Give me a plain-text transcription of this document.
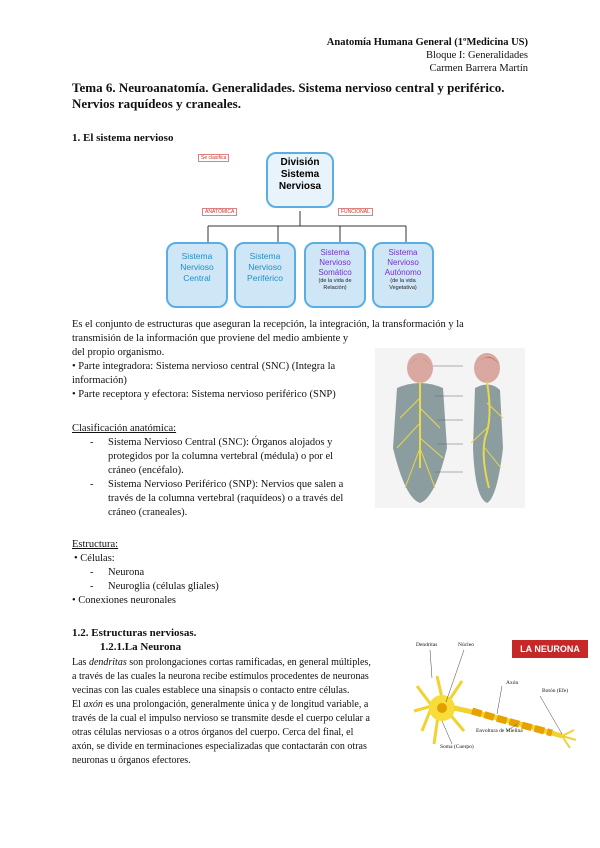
Anatomía Humana General (1ºMedicina US)
Bloque I: Generalidades
Carmen Barrera Martín
Tema 6. Neuroanatomía. Generalidades. Sistema nervioso central y periférico. Nervios raquídeos y craneales.
1. El sistema nervioso
Se clasifica	División Sistema Nerviosa
ANATÓMICA	FUNCIONAL
Sistema
Nervioso
Central
Sistema
Nervioso
Periférico
Sistema
Nervioso
Somático
(de la vida de Relación)
Sistema
Nervioso
Autónomo
(de la vida Vegetativa)
Es el conjunto de estructuras que aseguran la recepción, la integración, la transformación y la
transmisión de la información que proviene del medio ambiente y
del propio organismo.
• Parte integradora: Sistema nervioso central (SNC) (Integra la
información)
• Parte receptora y efectora: Sistema nervioso periférico (SNP)
Clasificación anatómica:
-	Sistema Nervioso Central (SNC): Órganos alojados y
protegidos por la columna vertebral (médula) o por el
cráneo (encéfalo).
-	Sistema Nervioso Periférico (SNP): Nervios que salen a
través de la columna vertebral (raquídeos) o a través del
cráneo (craneales).
Estructura:
• Células:
-	Neurona
-	Neuroglia (células gliales)
• Conexiones neuronales
1.2. Estructuras nerviosas.
1.2.1.La Neurona
Las dendritas son prolongaciones cortas ramificadas, en general múltiples,
a través de las cuales la neurona recibe estímulos procedentes de neuronas
vecinas con las cuales establece una sinapsis o contacto entre células.
El axón es una prolongación, generalmente única y de longitud variable, a
través de la cual el impulso nervioso se transmite desde el cuerpo celular a
otras células nerviosas o a otros órganos del cuerpo. Cerca del final, el
axón, se divide en terminaciones especializadas que contactarán con otras
neuronas u órganos efectores.
LA NEURONA
Dendritas	Núcleo
Axón
Botón (Efe)
Envoltura de Mielina
Soma (Cuerpo)
